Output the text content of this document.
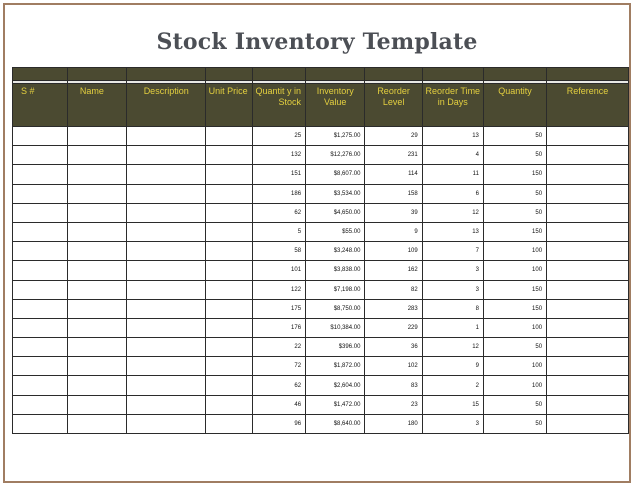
Stock Inventory Template

S #	Name	Description	Unit Price	Quantit y in Stock	Inventory Value	Reorder Level	Reorder Time in Days	Quantity	Reference
				25	$1,275.00	29	13	50	
				132	$12,276.00	231	4	50	
				151	$8,607.00	114	11	150	
				186	$3,534.00	158	6	50	
				62	$4,650.00	39	12	50	
				5	$55.00	9	13	150	
				58	$3,248.00	109	7	100	
				101	$3,838.00	162	3	100	
				122	$7,198.00	82	3	150	
				175	$8,750.00	283	8	150	
				176	$10,384.00	229	1	100	
				22	$396.00	36	12	50	
				72	$1,872.00	102	9	100	
				62	$2,604.00	83	2	100	
				46	$1,472.00	23	15	50	
				96	$8,640.00	180	3	50	
